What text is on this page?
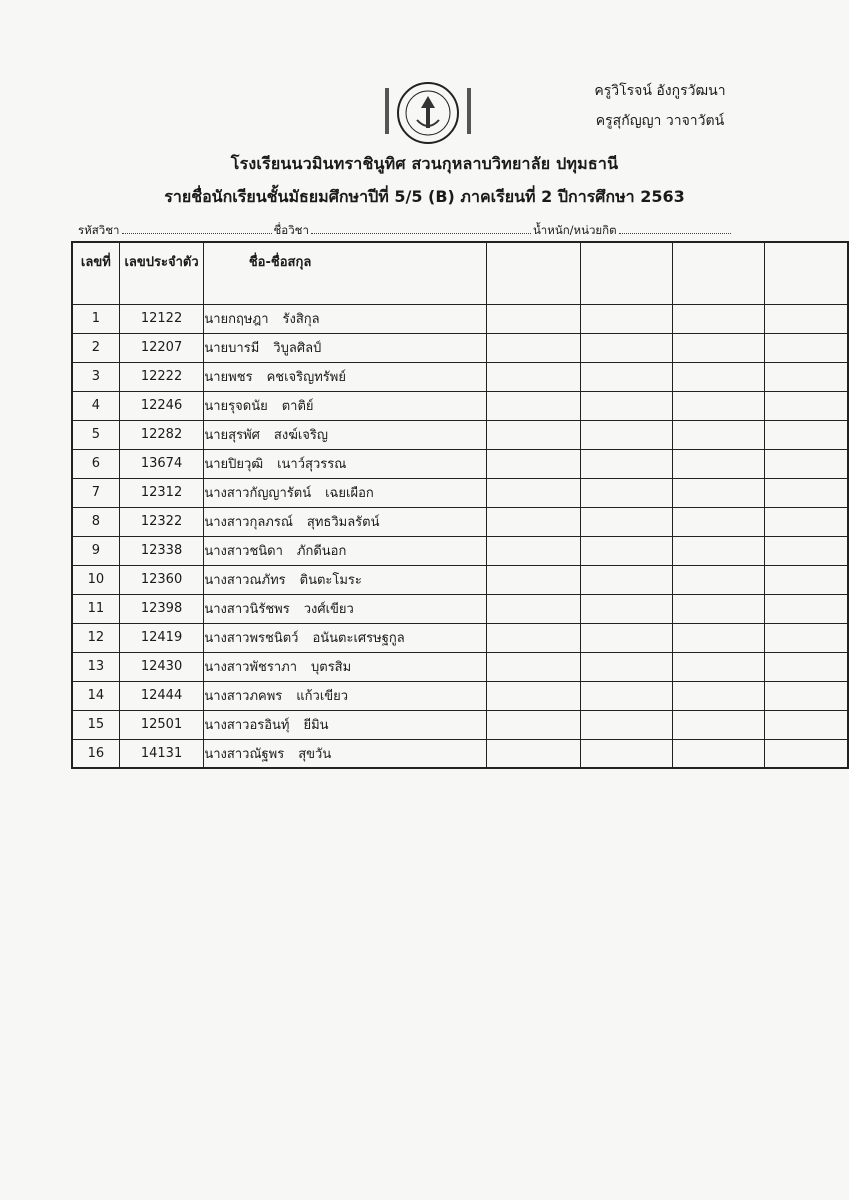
ครูวิโรจน์ อังกูรวัฒนา
ครูสุกัญญา วาจาวัตน์
โรงเรียนนวมินทราชินูทิศ สวนกุหลาบวิทยาลัย ปทุมธานี
รายชื่อนักเรียนชั้นมัธยมศึกษาปีที่ 5/5 (B) ภาคเรียนที่ 2 ปีการศึกษา 2563
รหัสวิชา	ชื่อวิชา	น้ำหนัก/หน่วยกิต
เลขที่	เลขประจำตัว	ชื่อ-ชื่อสกุล				
1	12122	นายกฤษฎา รังสิกุล				
2	12207	นายบารมี วิบูลศิลป์				
3	12222	นายพชร คชเจริญทรัพย์				
4	12246	นายรุจดนัย ตาติย์				
5	12282	นายสุรพัศ สงฆ์เจริญ				
6	13674	นายปิยวุฒิ เนาว์สุวรรณ				
7	12312	นางสาวกัญญารัตน์ เฉยเผือก				
8	12322	นางสาวกุลภรณ์ สุทธวิมลรัตน์				
9	12338	นางสาวชนิดา ภักดีนอก				
10	12360	นางสาวณภัทร ตินตะโมระ				
11	12398	นางสาวนิรัชพร วงศ์เขียว				
12	12419	นางสาวพรชนิตว์ อนันตะเศรษฐกูล				
13	12430	นางสาวพัชราภา บุตรสิม				
14	12444	นางสาวภคพร แก้วเขียว				
15	12501	นางสาวอรอินทุ์ ยีมิน				
16	14131	นางสาวณัฐพร สุขวัน				
